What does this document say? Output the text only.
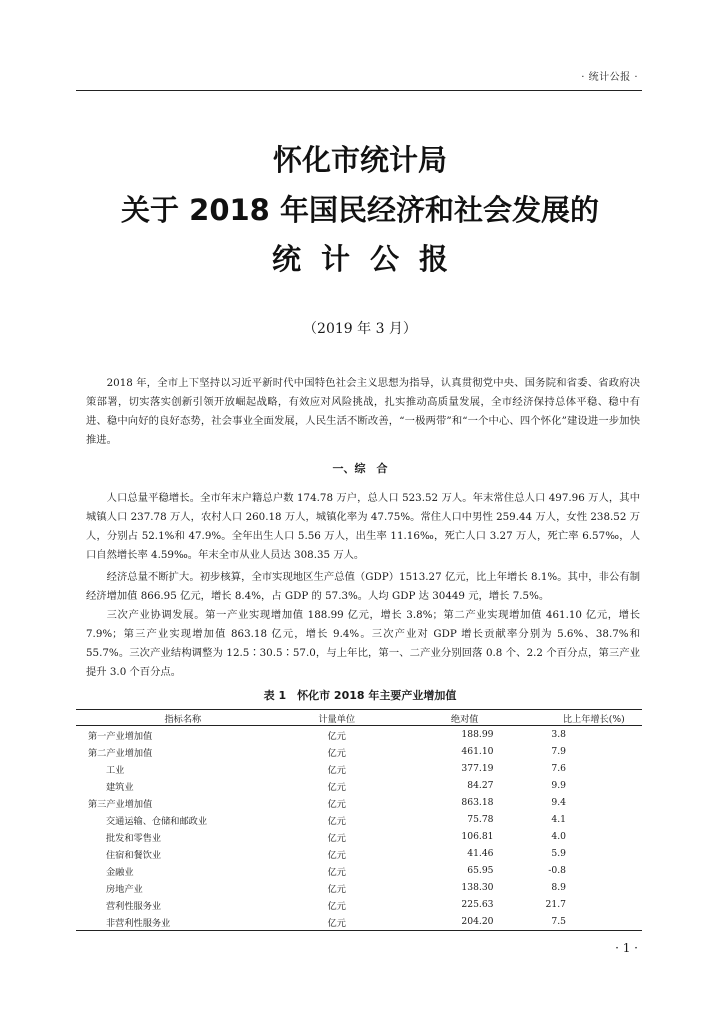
· 统计公报 ·
怀化市统计局
关于 2018 年国民经济和社会发展的
统计公报
（2019 年 3 月）

2018 年，全市上下坚持以习近平新时代中国特色社会主义思想为指导，认真贯彻党中央、国务院和省委、省政府决策部署，切实落实创新引领开放崛起战略，有效应对风险挑战，扎实推动高质量发展，全市经济保持总体平稳、稳中有进、稳中向好的良好态势，社会事业全面发展，人民生活不断改善，“一极两带”和“一个中心、四个怀化”建设进一步加快推进。

一、综　合

人口总量平稳增长。全市年末户籍总户数 174.78 万户，总人口 523.52 万人。年末常住总人口 497.96 万人，其中城镇人口 237.78 万人，农村人口 260.18 万人，城镇化率为 47.75%。常住人口中男性 259.44 万人，女性 238.52 万人，分别占 52.1%和 47.9%。全年出生人口 5.56 万人，出生率 11.16‰，死亡人口 3.27 万人，死亡率 6.57‰，人口自然增长率 4.59‰。年末全市从业人员达 308.35 万人。

经济总量不断扩大。初步核算，全市实现地区生产总值（GDP）1513.27 亿元，比上年增长 8.1%。其中，非公有制经济增加值 866.95 亿元，增长 8.4%，占 GDP 的 57.3%。人均 GDP 达 30449 元，增长 7.5%。

三次产业协调发展。第一产业实现增加值 188.99 亿元，增长 3.8%；第二产业实现增加值 461.10 亿元，增长 7.9%；第三产业实现增加值 863.18 亿元，增长 9.4%。三次产业对 GDP 增长贡献率分别为 5.6%、38.7%和 55.7%。三次产业结构调整为 12.5∶30.5∶57.0，与上年比，第一、二产业分别回落 0.8 个、2.2 个百分点，第三产业提升 3.0 个百分点。

表 1　怀化市 2018 年主要产业增加值
指标名称	计量单位	绝对值	比上年增长(%)
第一产业增加值	亿元	188.99	3.8
第二产业增加值	亿元	461.10	7.9
工业	亿元	377.19	7.6
建筑业	亿元	84.27	9.9
第三产业增加值	亿元	863.18	9.4
交通运输、仓储和邮政业	亿元	75.78	4.1
批发和零售业	亿元	106.81	4.0
住宿和餐饮业	亿元	41.46	5.9
金融业	亿元	65.95	-0.8
房地产业	亿元	138.30	8.9
营利性服务业	亿元	225.63	21.7
非营利性服务业	亿元	204.20	7.5
· 1 ·
